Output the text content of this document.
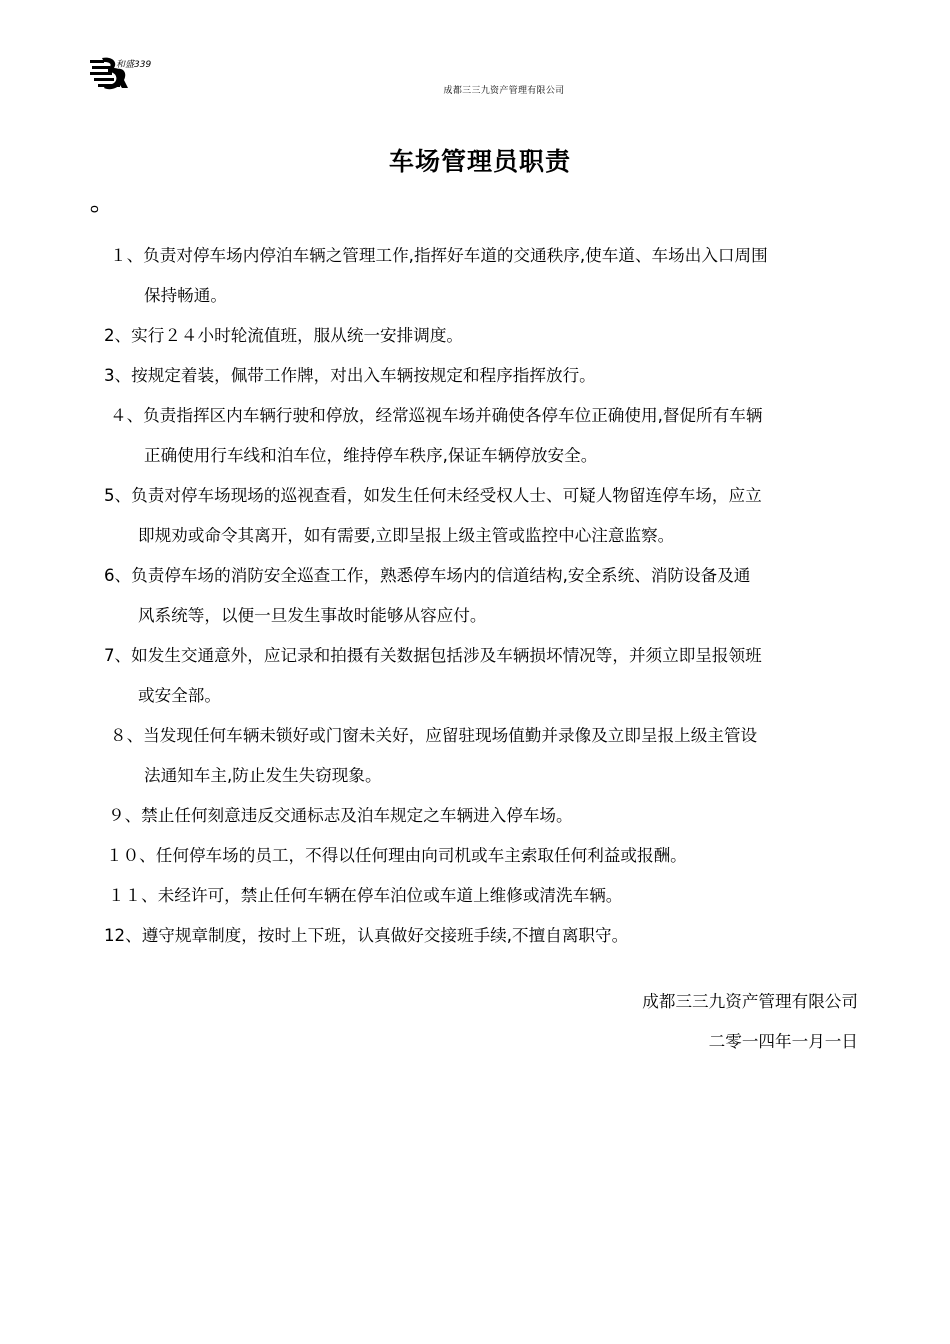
和盛339
成都三三九资产管理有限公司
车场管理员职责
ᴑ
１、负责对停车场内停泊车辆之管理工作,指挥好车道的交通秩序,使车道、车场出入口周围
保持畅通。
2、实行２４小时轮流值班，服从统一安排调度。
3、按规定着装，佩带工作牌，对出入车辆按规定和程序指挥放行。
４、负责指挥区内车辆行驶和停放，经常巡视车场并确使各停车位正确使用,督促所有车辆
正确使用行车线和泊车位，维持停车秩序,保证车辆停放安全。
5、负责对停车场现场的巡视查看，如发生任何未经受权人士、可疑人物留连停车场，应立
即规劝或命令其离开，如有需要,立即呈报上级主管或监控中心注意监察。
6、负责停车场的消防安全巡查工作，熟悉停车场内的信道结构,安全系统、消防设备及通
风系统等，以便一旦发生事故时能够从容应付。
7、如发生交通意外，应记录和拍摄有关数据包括涉及车辆损坏情况等，并须立即呈报领班
或安全部。
８、当发现任何车辆未锁好或门窗未关好，应留驻现场值勤并录像及立即呈报上级主管设
法通知车主,防止发生失窃现象。
９、禁止任何刻意违反交通标志及泊车规定之车辆进入停车场。
１０、任何停车场的员工，不得以任何理由向司机或车主索取任何利益或报酬。
１１、未经许可，禁止任何车辆在停车泊位或车道上维修或清洗车辆。
12、遵守规章制度，按时上下班，认真做好交接班手续,不擅自离职守。
成都三三九资产管理有限公司
二零一四年一月一日
